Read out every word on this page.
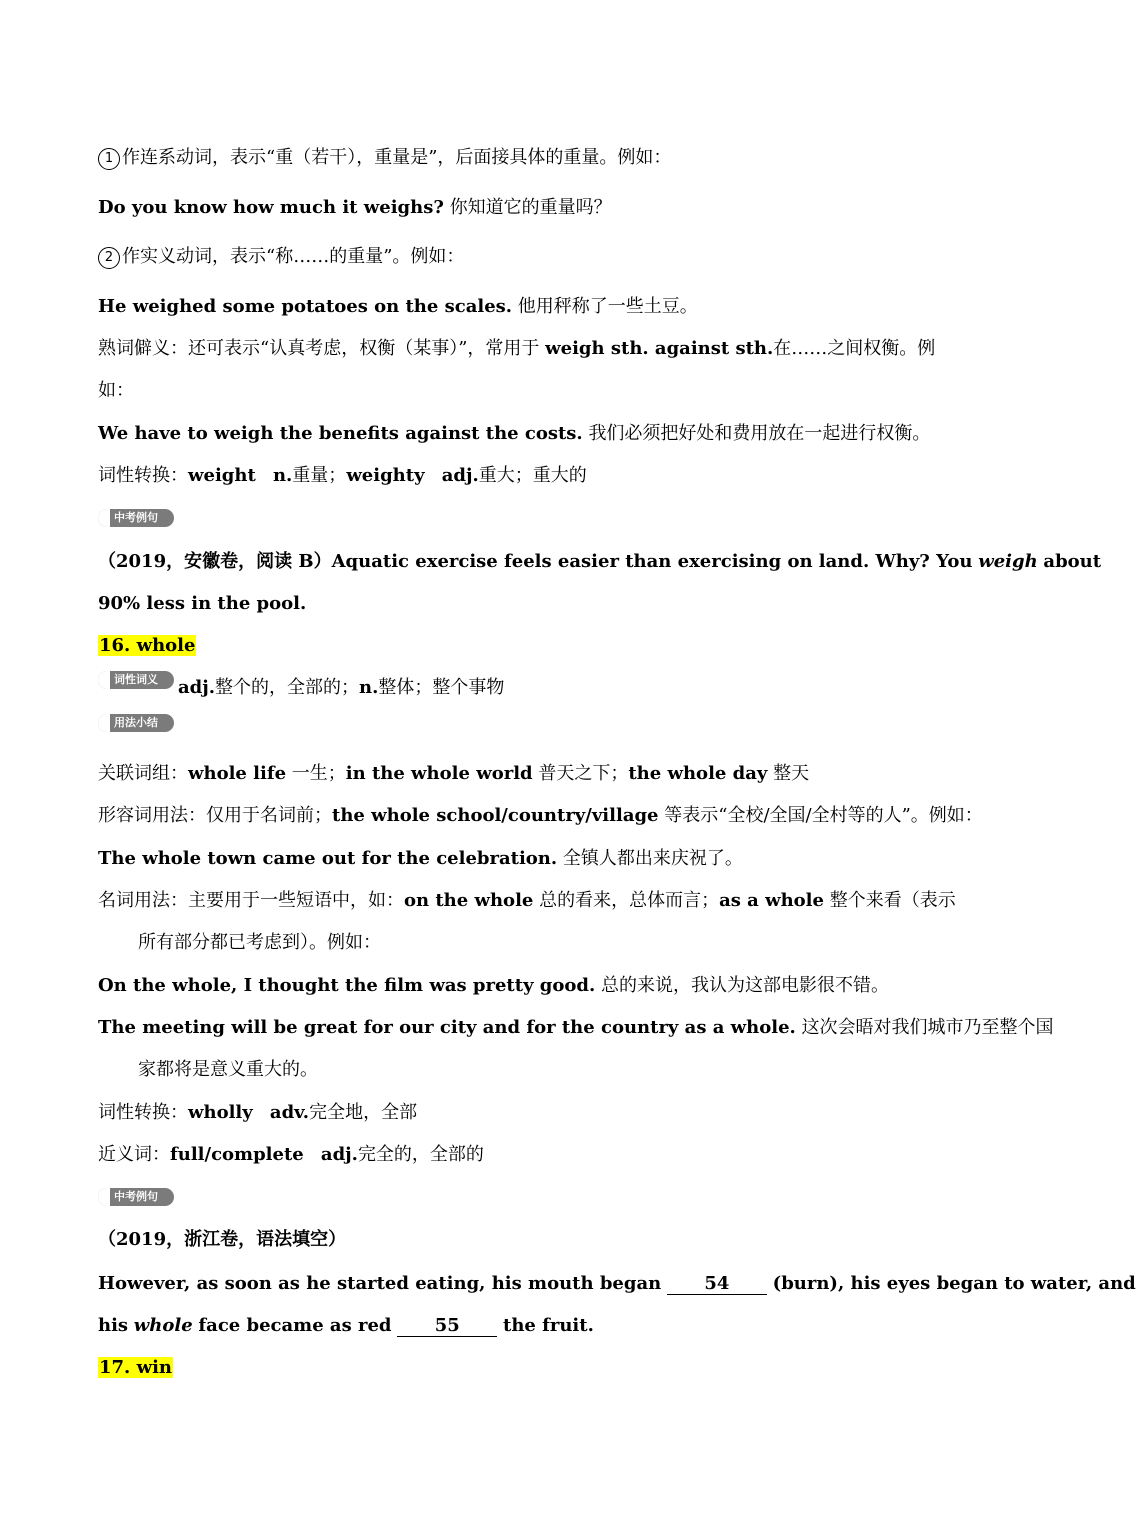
1 作连系动词，表示“重（若干），重量是”，后面接具体的重量。例如：
Do you know how much it weighs? 你知道它的重量吗？
2 作实义动词，表示“称……的重量”。例如：
He weighed some potatoes on the scales. 他用秤称了一些土豆。
熟词僻义：还可表示“认真考虑，权衡（某事）”，常用于 weigh sth. against sth.在……之间权衡。例
如：
We have to weigh the benefits against the costs. 我们必须把好处和费用放在一起进行权衡。
词性转换：weight n.重量；weighty adj.重大；重大的
中考例句
（2019，安徽卷，阅读 B）Aquatic exercise feels easier than exercising on land. Why? You weigh about
90% less in the pool.
16. whole
词性词义 adj.整个的，全部的；n.整体；整个事物
用法小结
关联词组：whole life 一生；in the whole world 普天之下；the whole day 整天
形容词用法：仅用于名词前；the whole school/country/village 等表示“全校/全国/全村等的人”。例如：
The whole town came out for the celebration. 全镇人都出来庆祝了。
名词用法：主要用于一些短语中，如：on the whole 总的看来，总体而言；as a whole 整个来看（表示
所有部分都已考虑到）。例如：
On the whole, I thought the film was pretty good. 总的来说，我认为这部电影很不错。
The meeting will be great for our city and for the country as a whole. 这次会晤对我们城市乃至整个国
家都将是意义重大的。
词性转换：wholly adv.完全地，全部
近义词：full/complete adj.完全的，全部的
中考例句
（2019，浙江卷，语法填空）
However, as soon as he started eating, his mouth began 54 (burn), his eyes began to water, and
his whole face became as red 55 the fruit.
17. win
